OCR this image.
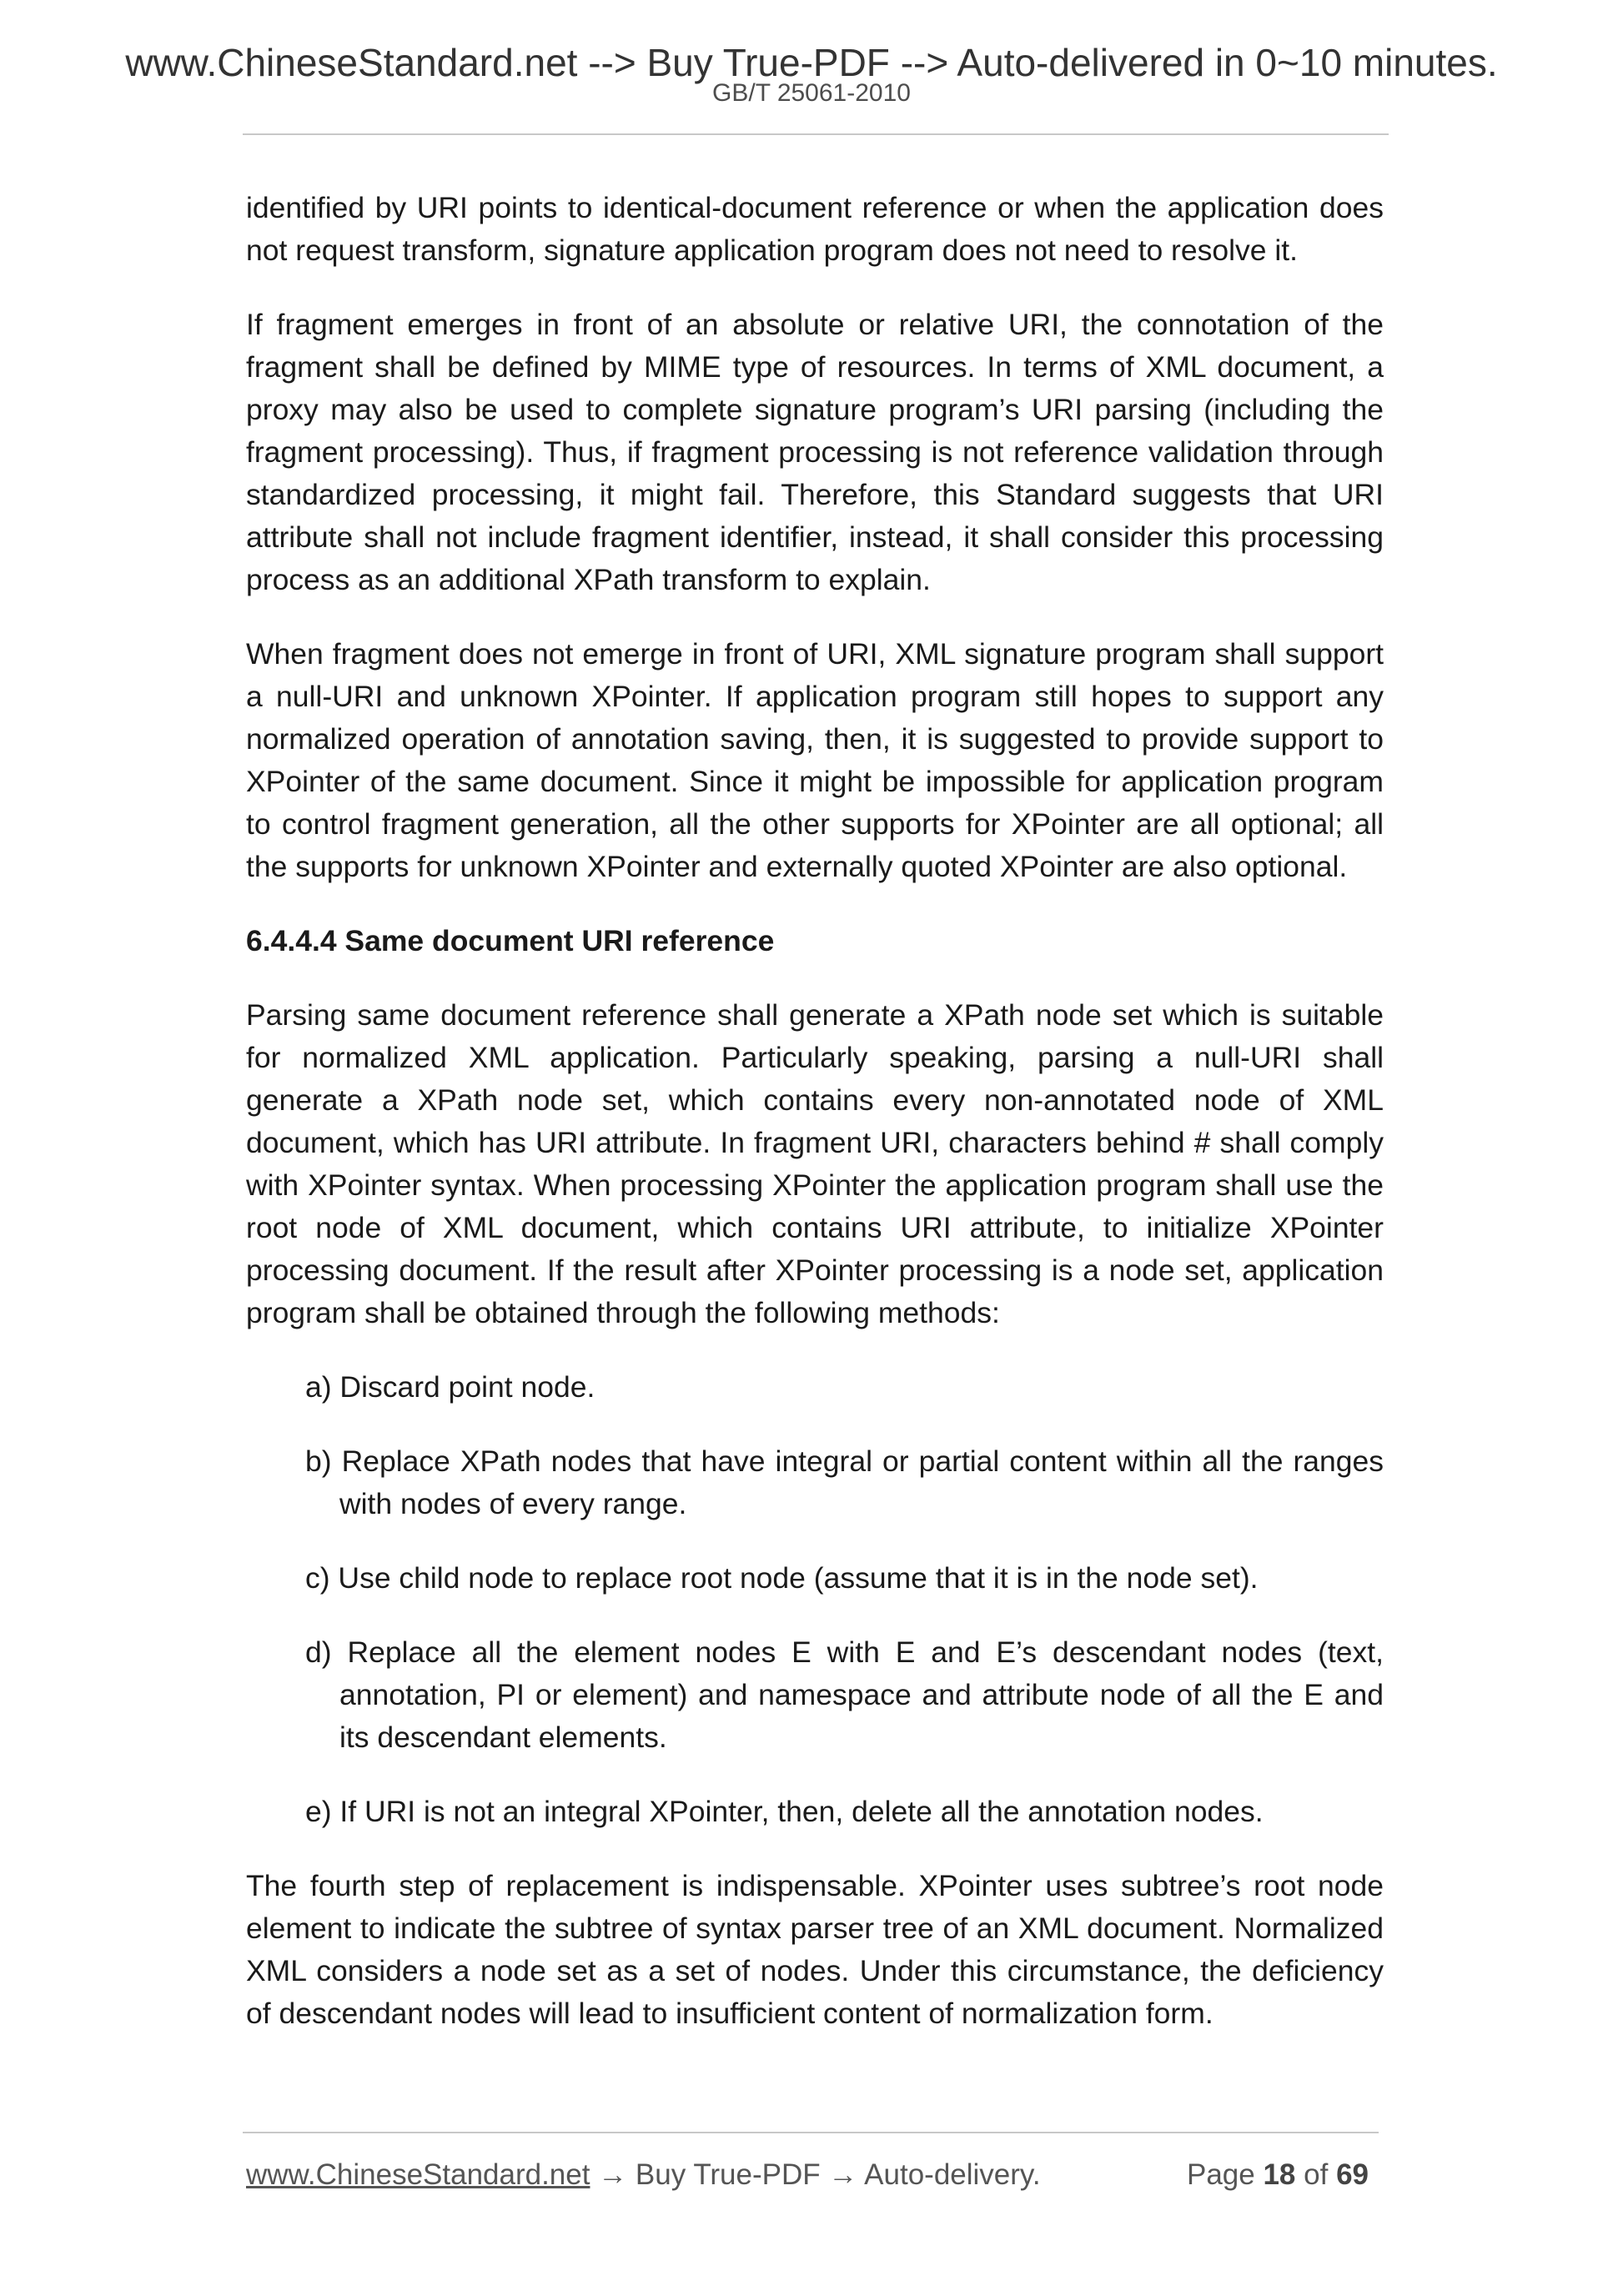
www.ChineseStandard.net --> Buy True-PDF --> Auto-delivered in 0~10 minutes.
GB/T 25061-2010

identified by URI points to identical-document reference or when the application does not request transform, signature application program does not need to resolve it.

If fragment emerges in front of an absolute or relative URI, the connotation of the fragment shall be defined by MIME type of resources. In terms of XML document, a proxy may also be used to complete signature program’s URI parsing (including the fragment processing). Thus, if fragment processing is not reference validation through standardized processing, it might fail. Therefore, this Standard suggests that URI attribute shall not include fragment identifier, instead, it shall consider this processing process as an additional XPath transform to explain.

When fragment does not emerge in front of URI, XML signature program shall support a null-URI and unknown XPointer. If application program still hopes to support any normalized operation of annotation saving, then, it is suggested to provide support to XPointer of the same document. Since it might be impossible for application program to control fragment generation, all the other supports for XPointer are all optional; all the supports for unknown XPointer and externally quoted XPointer are also optional.

6.4.4.4 Same document URI reference

Parsing same document reference shall generate a XPath node set which is suitable for normalized XML application. Particularly speaking, parsing a null-URI shall generate a XPath node set, which contains every non-annotated node of XML document, which has URI attribute. In fragment URI, characters behind # shall comply with XPointer syntax. When processing XPointer the application program shall use the root node of XML document, which contains URI attribute, to initialize XPointer processing document. If the result after XPointer processing is a node set, application program shall be obtained through the following methods:

a) Discard point node.
b) Replace XPath nodes that have integral or partial content within all the ranges with nodes of every range.
c) Use child node to replace root node (assume that it is in the node set).
d) Replace all the element nodes E with E and E’s descendant nodes (text, annotation, PI or element) and namespace and attribute node of all the E and its descendant elements.
e) If URI is not an integral XPointer, then, delete all the annotation nodes.

The fourth step of replacement is indispensable. XPointer uses subtree’s root node element to indicate the subtree of syntax parser tree of an XML document. Normalized XML considers a node set as a set of nodes. Under this circumstance, the deficiency of descendant nodes will lead to insufficient content of normalization form.

www.ChineseStandard.net → Buy True-PDF → Auto-delivery.	Page 18 of 69
